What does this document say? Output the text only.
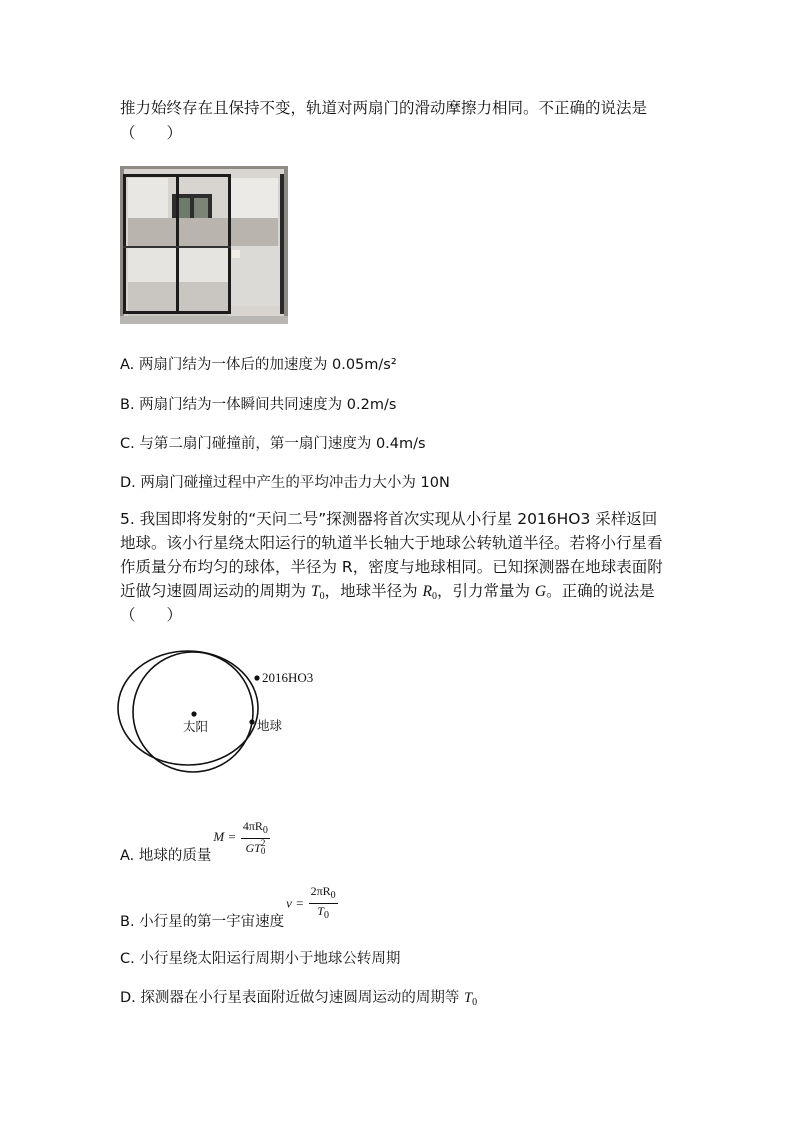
推力始终存在且保持不变，轨道对两扇门的滑动摩擦力相同。不正确的说法是
（　　）
A. 两扇门结为一体后的加速度为 0.05m/s²
B. 两扇门结为一体瞬间共同速度为 0.2m/s
C. 与第二扇门碰撞前，第一扇门速度为 0.4m/s
D. 两扇门碰撞过程中产生的平均冲击力大小为 10N
5. 我国即将发射的“天问二号”探测器将首次实现从小行星 2016HO3 采样返回
地球。该小行星绕太阳运行的轨道半长轴大于地球公转轨道半径。若将小行星看
作质量分布均匀的球体，半径为 R，密度与地球相同。已知探测器在地球表面附
近做匀速圆周运动的周期为 $T_0$，地球半径为 $R_0$，引力常量为 G。正确的说法是
（　　）
2016HO3
太阳	地球
A. 地球的质量$M = 4\pi R_0$
GT 2
0
B. 小行星的第一宇宙速度$v = \frac{2\pi R_0}{T_0}$
C. 小行星绕太阳运行周期小于地球公转周期
D. 探测器在小行星表面附近做匀速圆周运动的周期等 $T_0$
